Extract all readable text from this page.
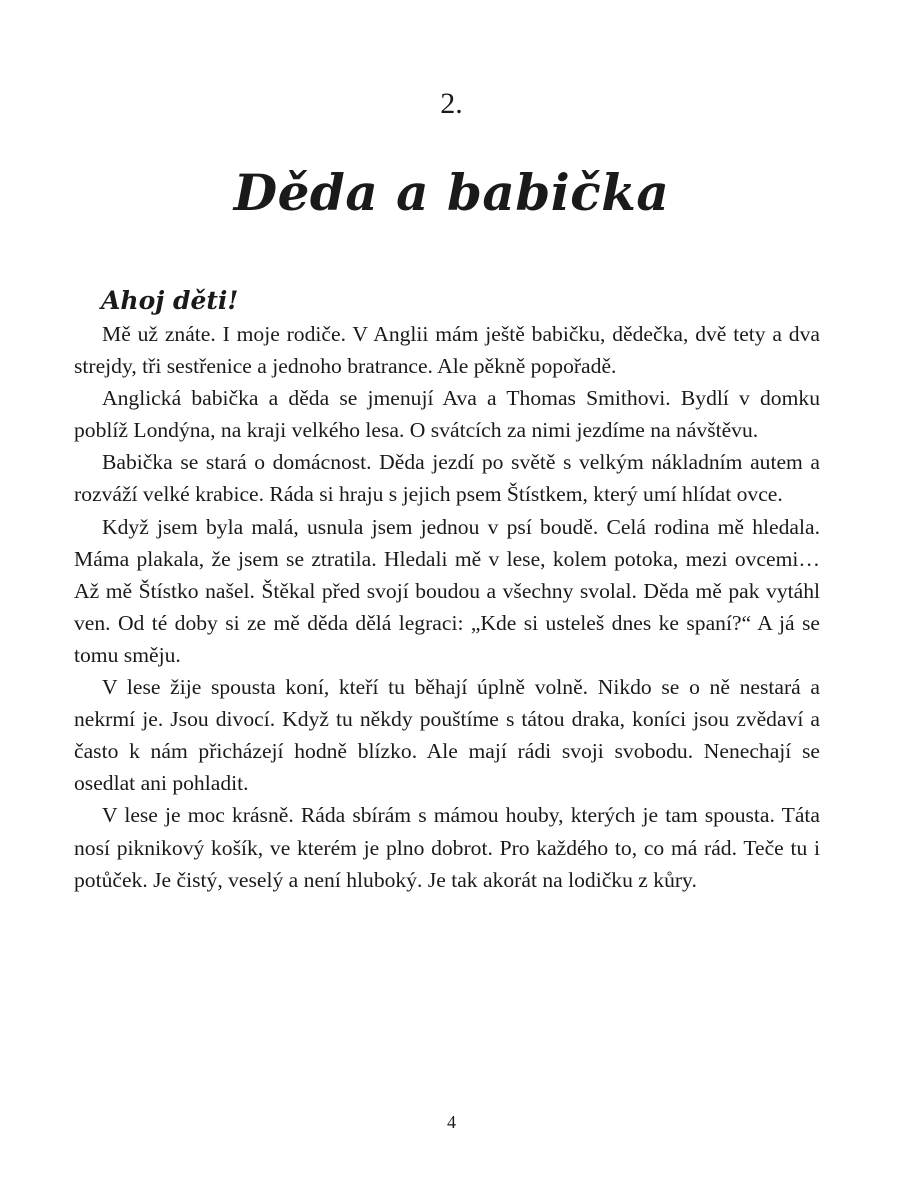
2.
Děda a babička
Ahoj děti!

Mě už znáte. I moje rodiče. V Anglii mám ještě babičku, dědečka, dvě tety a dva strejdy, tři sestřenice a jednoho bratrance. Ale pěkně popořadě.

Anglická babička a děda se jmenují Ava a Thomas Smithovi. Bydlí v domku poblíž Londýna, na kraji velkého lesa. O svátcích za nimi jezdíme na návštěvu.

Babička se stará o domácnost. Děda jezdí po světě s velkým nákladním autem a rozváží velké krabice. Ráda si hraju s jejich psem Štístkem, který umí hlídat ovce.

Když jsem byla malá, usnula jsem jednou v psí boudě. Celá rodina mě hledala. Máma plakala, že jsem se ztratila. Hledali mě v lese, kolem potoka, mezi ovcemi… Až mě Štístko našel. Štěkal před svojí boudou a všechny svolal. Děda mě pak vytáhl ven. Od té doby si ze mě děda dělá legraci: „Kde si usteleš dnes ke spaní?“ A já se tomu směju.

V lese žije spousta koní, kteří tu běhají úplně volně. Nikdo se o ně nestará a nekrmí je. Jsou divocí. Když tu někdy pouštíme s tátou draka, koníci jsou zvědaví a často k nám přicházejí hodně blízko. Ale mají rádi svoji svobodu. Nenechají se osedlat ani pohladit.

V lese je moc krásně. Ráda sbírám s mámou houby, kterých je tam spousta. Táta nosí piknikový košík, ve kterém je plno dobrot. Pro každého to, co má rád. Teče tu i potůček. Je čistý, veselý a není hluboký. Je tak akorát na lodičku z kůry.

4
